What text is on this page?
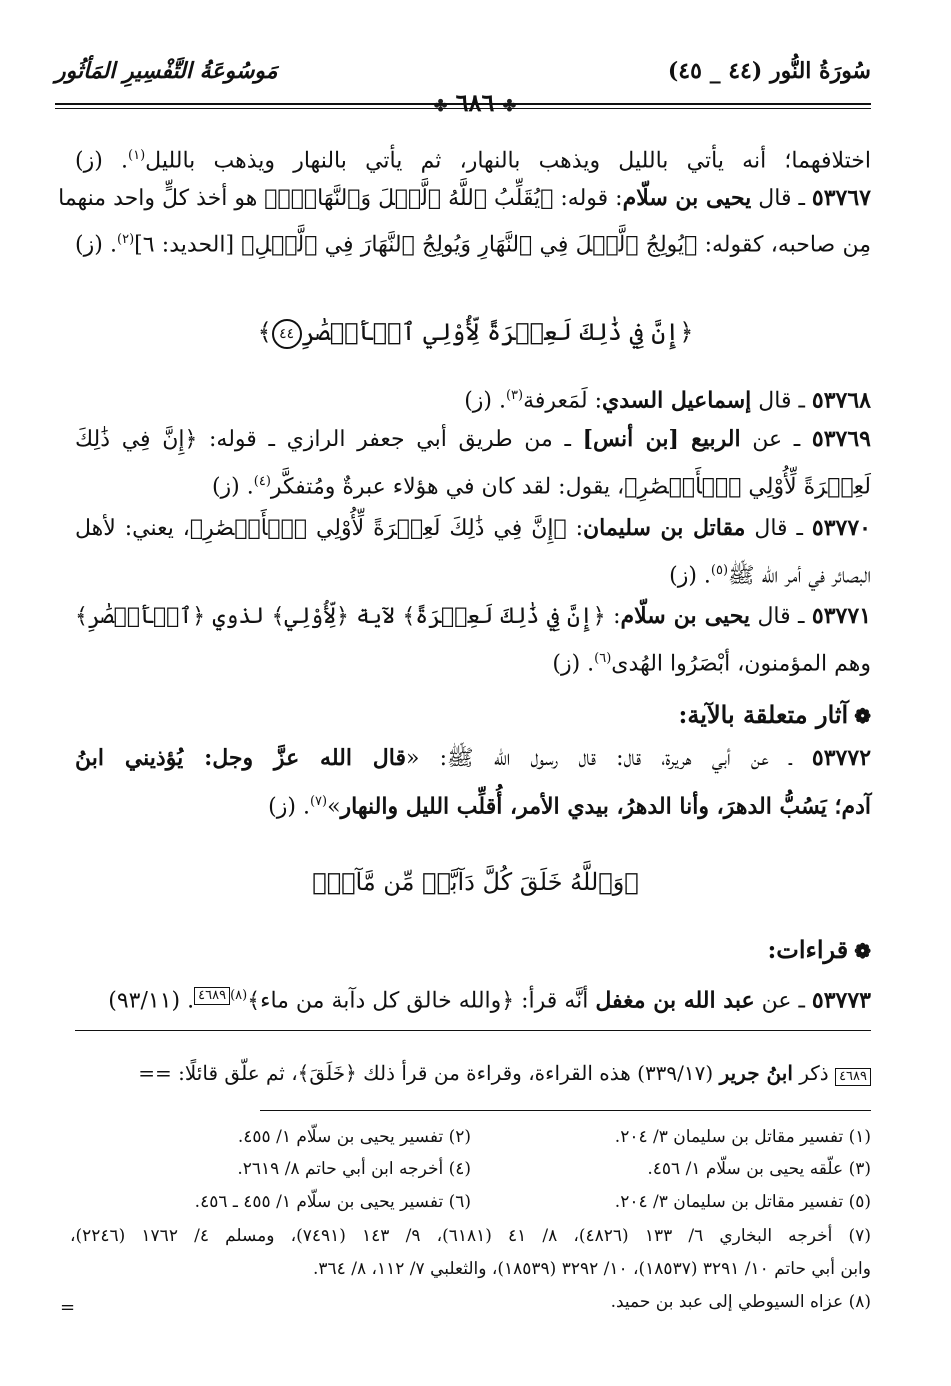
سُورَةُ النُّور (٤٤ _ ٤٥)
مَوسُوعَةُ التَّفْسِيرِ المَأثُور
✤ ٦٨٦ ✤
اختلافهما؛ أنه يأتي بالليل ويذهب بالنهار، ثم يأتي بالنهار ويذهب بالليل$^{(١)}$. (ز)
٥٣٧٦٧ ـ قال يحيى بن سلّام: قوله: ﴿يُقَلِّبُ ٱللَّهُ ٱلَّيۡلَ وَٱلنَّهَارَۚ﴾ هو أخذ كلٍّ واحد منهما
مِن صاحبه، كقوله: ﴿يُولِجُ ٱلَّيۡلَ فِي ٱلنَّهَارِ وَيُولِجُ ٱلنَّهَارَ فِي ٱلَّيۡلِ﴾ [الحديد: ٦]$^{(٢)}$. (ز)
﴿إِنَّ فِي ذَٰلِكَ لَعِبۡرَةً لِّأُوْلِي ٱلۡأَبۡصَٰرِ٤٤﴾
٥٣٧٦٨ ـ قال إسماعيل السدي: لَمَعرفة$^{(٣)}$. (ز)
٥٣٧٦٩ ـ عن الربيع [بن أنس] ـ من طريق أبي جعفر الرازي ـ قوله: ﴿إِنَّ فِي ذَٰلِكَ
لَعِبۡرَةً لِّأُوْلِي ٱلۡأَبۡصَٰرِ﴾، يقول: لقد كان في هؤلاء عبرةٌ ومُتفكَّر$^{(٤)}$. (ز)
٥٣٧٧٠ ـ قال مقاتل بن سليمان: ﴿إِنَّ فِي ذَٰلِكَ لَعِبۡرَةً لِّأُوْلِي ٱلۡأَبۡصَٰرِ﴾، يعني: لأهل
البصائر في أمر الله ﷺ$^{(٥)}$. (ز)
٥٣٧٧١ ـ قال يحيى بن سلّام: ﴿إِنَّ فِي ذَٰلِكَ لَعِبۡرَةً﴾ لآية ﴿لِّأُوْلِي﴾ لذوي ﴿ٱلۡأَبۡصَٰرِ﴾
وهم المؤمنون، أبْصَرُوا الهُدى$^{(٦)}$. (ز)
❁آثار متعلقة بالآية:
٥٣٧٧٢ ـ عن أبي هريرة، قال: قال رسول الله ﷺ: «قال الله عزَّ وجل: يُؤذيني ابنُ
آدم؛ يَسُبُّ الدهرَ، وأنا الدهرُ، بيدي الأمر، أُقلِّب الليل والنهار»$^{(٧)}$. (ز)
﴿وَٱللَّهُ خَلَقَ كُلَّ دَآبَّةٖ مِّن مَّآءٖ﴾
❁قراءات:
٥٣٧٧٣ ـ عن عبد الله بن مغفل أنَّه قرأ: ﴿والله خالق كل دآبة من ماء﴾$^{(٨)}$٤٦٨٩. (٩٣/١١)
٤٦٨٩ ذكر ابنُ جرير (٣٣٩/١٧) هذه القراءة، وقراءة من قرأ ذلك ﴿خَلَقَ﴾، ثم علّق قائلًا: ==
(١) تفسير مقاتل بن سليمان ٣/ ٢٠٤.
(٢) تفسير يحيى بن سلّام ١/ ٤٥٥.
(٣) علّقه يحيى بن سلّام ١/ ٤٥٦.
(٤) أخرجه ابن أبي حاتم ٨/ ٢٦١٩.
(٥) تفسير مقاتل بن سليمان ٣/ ٢٠٤.
(٦) تفسير يحيى بن سلّام ١/ ٤٥٥ ـ ٤٥٦.
(٧) أخرجه البخاري ٦/ ١٣٣ (٤٨٢٦)، ٨/ ٤١ (٦١٨١)، ٩/ ١٤٣ (٧٤٩١)، ومسلم ٤/ ١٧٦٢ (٢٢٤٦)،
وابن أبي حاتم ١٠/ ٣٢٩١ (١٨٥٣٧)، ١٠/ ٣٢٩٢ (١٨٥٣٩)، والثعلبي ٧/ ١١٢، ٨/ ٣٦٤.
(٨) عزاه السيوطي إلى عبد بن حميد.
=
